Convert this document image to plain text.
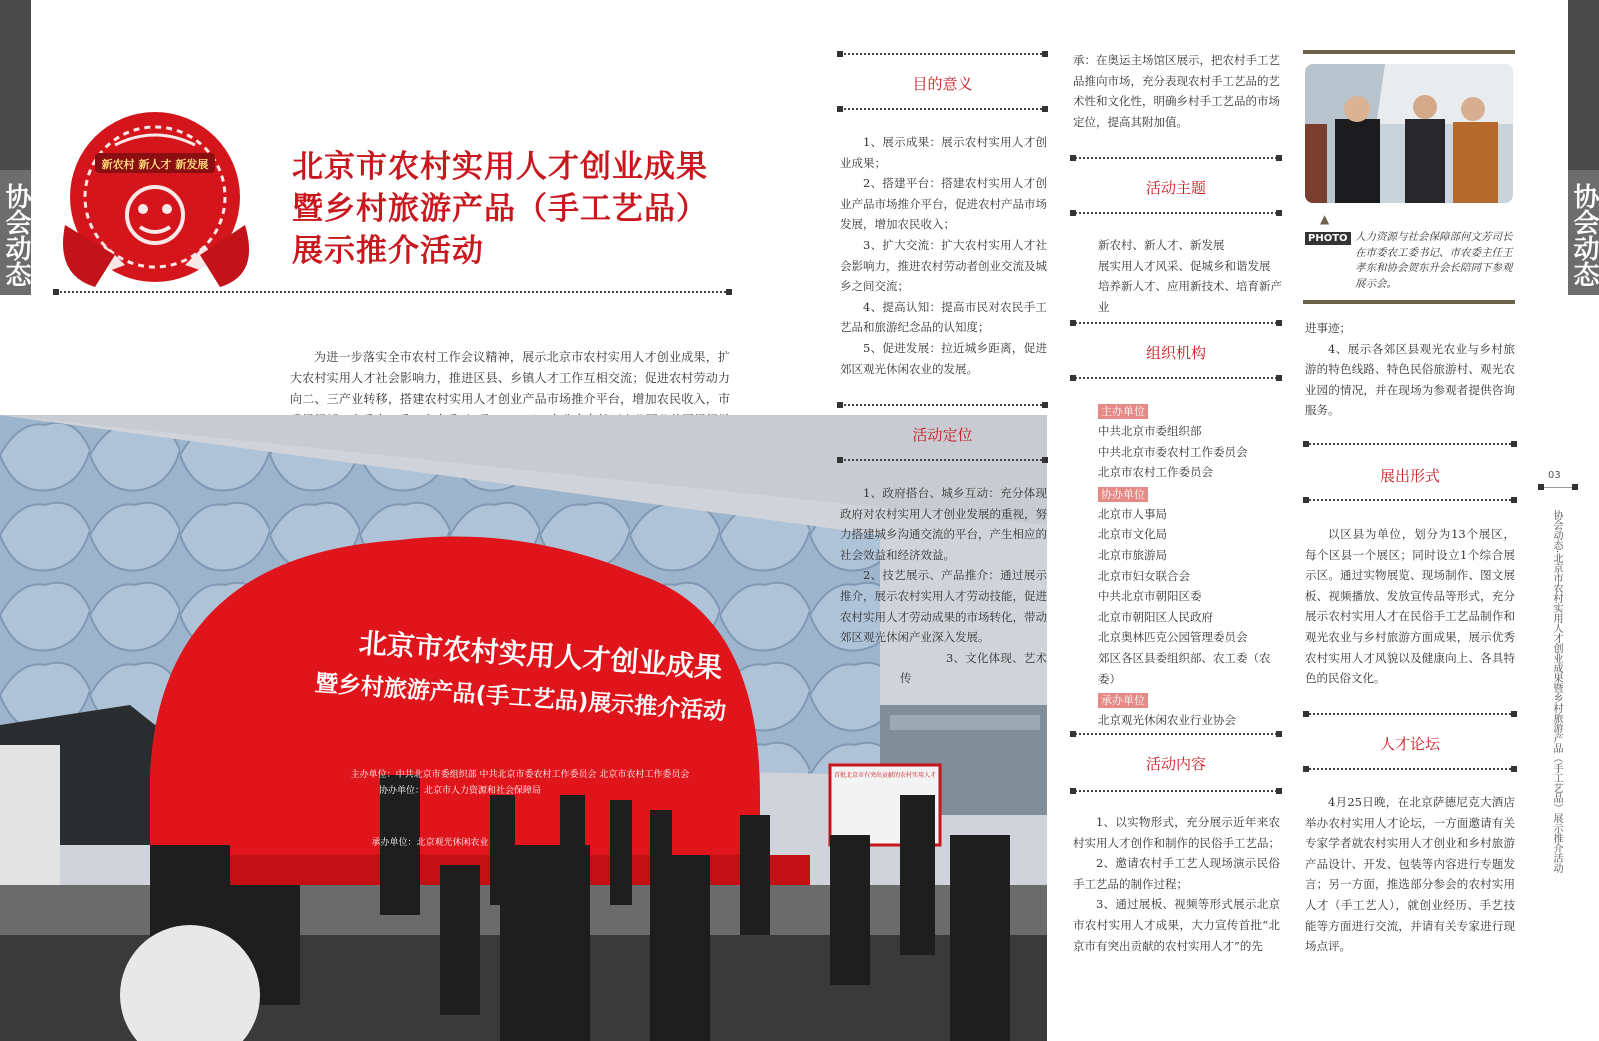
协会动态	协会动态
03
协会动态·北京市农村实用人才创业成果暨乡村旅游产品（手工艺品）展示推介活动
新农村 新人才 新发展	北京市农村实用人才创业成果
暨乡村旅游产品（手工艺品）
展示推介活动
为进一步落实全市农村工作会议精神，展示北京市农村实用人才创业成果，扩大农村实用人才社会影响力，推进区县、乡镇人才工作互相交流；促进农村劳动力向二、三产业转移，搭建农村实用人才创业产品市场推介平台，增加农民收入，市
北京市农村实用人才创业成果
暨乡村旅游产品(手工艺品)展示推介活动
主办单位：中共北京市委组织部 中共北京市委农村工作委员会 北京市农村工作委员会
协办单位：北京市人力资源和社会保障局
承办单位：北京观光休闲农业
首批北京市有突出贡献的农村实用人才
目的意义

1、展示成果：展示农村实用人才创业成果；

2、搭建平台：搭建农村实用人才创业产品市场推介平台，促进农村产品市场发展，增加农民收入；

3、扩大交流：扩大农村实用人才社会影响力，推进农村劳动者创业交流及城乡之间交流；

4、提高认知：提高市民对农民手工艺品和旅游纪念品的认知度；

5、促进发展：拉近城乡距离，促进郊区观光休闲农业的发展。

活动定位

1、政府搭台、城乡互动：充分体现政府对农村实用人才创业发展的重视，努力搭建城乡沟通交流的平台，产生相应的社会效益和经济效益。

2、技艺展示、产品推介：通过展示推介，展示农村实用人才劳动技能，促进农村实用人才劳动成果的市场转化，带动郊区观光休闲产业深入发展。

3、文化体现、艺术传

承：在奥运主场馆区展示，把农村手工艺品推向市场，充分表现农村手工艺品的艺术性和文化性，明确乡村手工艺品的市场定位，提高其附加值。

活动主题
新农村、新人才、新发展
展实用人才风采、促城乡和谐发展
培养新人才、应用新技术、培育新产业
组织机构
主办单位
中共北京市委组织部
中共北京市委农村工作委员会
北京市农村工作委员会
协办单位
北京市人事局
北京市文化局
北京市旅游局
北京市妇女联合会
中共北京市朝阳区委
北京市朝阳区人民政府
北京奥林匹克公园管理委员会
郊区各区县委组织部、农工委（农委）
承办单位
北京观光休闲农业行业协会
活动内容

1、以实物形式，充分展示近年来农村实用人才创作和制作的民俗手工艺品；

2、邀请农村手工艺人现场演示民俗手工艺品的制作过程；

3、通过展板、视频等形式展示北京市农村实用人才成果，大力宣传首批“北京市有突出贡献的农村实用人才”的先

▲
PHOTO 人力资源与社会保障部何文芳司长在市委农工委书记、市农委主任王孝东和协会贺东升会长陪同下参观展示会。

进事迹；

4、展示各郊区县观光农业与乡村旅游的特色线路、特色民俗旅游村、观光农业园的情况，并在现场为参观者提供咨询服务。

展出形式

以区县为单位，划分为13个展区，每个区县一个展区；同时设立1个综合展示区。通过实物展览、现场制作、图文展板、视频播放、发放宣传品等形式，充分展示农村实用人才在民俗手工艺品制作和观光农业与乡村旅游方面成果，展示优秀农村实用人才风貌以及健康向上、各具特色的民俗文化。

人才论坛

4月25日晚，在北京萨德尼克大酒店举办农村实用人才论坛，一方面邀请有关专家学者就农村实用人才创业和乡村旅游产品设计、开发、包装等内容进行专题发言；另一方面，推选部分参会的农村实用人才（手工艺人），就创业经历、手艺技能等方面进行交流，并请有关专家进行现场点评。
